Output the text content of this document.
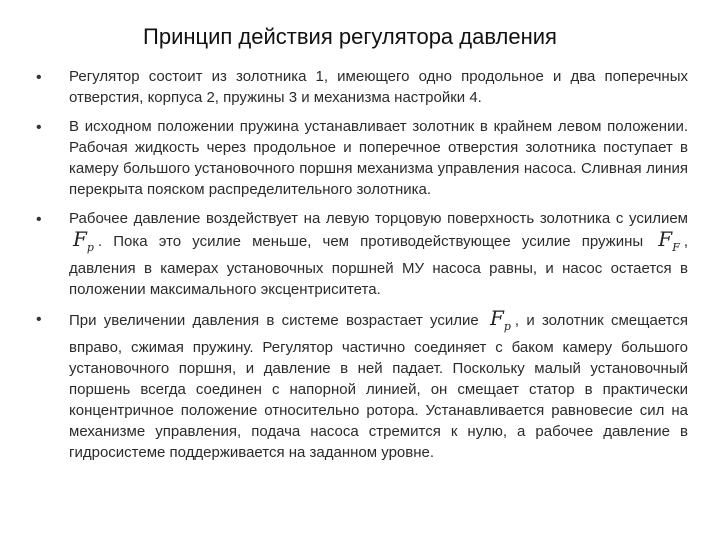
Принцип действия регулятора давления
• Регулятор состоит из золотника 1, имеющего одно продольное и два поперечных отверстия, корпуса 2, пружины 3 и механизма настройки 4.
• В исходном положении пружина устанавливает золотник в крайнем левом положении. Рабочая жидкость через продольное и поперечное отверстия золотника поступает в камеру большого установочного поршня механизма управления насоса. Сливная линия перекрыта пояском распределительного золотника.
• Рабочее давление воздействует на левую торцовую поверхность золотника с усилием $F_p$ . Пока это усилие меньше, чем противодействующее усилие пружины $F_F$ , давления в камерах установочных поршней МУ насоса равны, и насос остается в положении максимального эксцентриситета.
• При увеличении давления в системе возрастает усилие $F_p$ , и золотник смещается вправо, сжимая пружину. Регулятор частично соединяет с баком камеру большого установочного поршня, и давление в ней падает. Поскольку малый установочный поршень всегда соединен с напорной линией, он смещает статор в практически концентричное положение относительно ротора. Устанавливается равновесие сил на механизме управления, подача насоса стремится к нулю, а рабочее давление в гидросистеме поддерживается на заданном уровне.
